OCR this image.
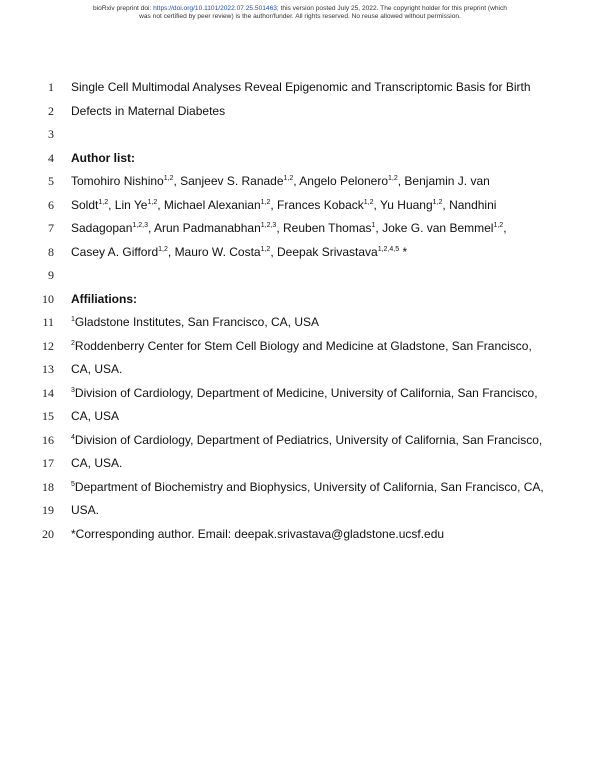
bioRxiv preprint doi: https://doi.org/10.1101/2022.07.25.501463; this version posted July 25, 2022. The copyright holder for this preprint (which
was not certified by peer review) is the author/funder. All rights reserved. No reuse allowed without permission.
1 Single Cell Multimodal Analyses Reveal Epigenomic and Transcriptomic Basis for Birth
2 Defects in Maternal Diabetes
3
4 Author list:
5 Tomohiro Nishino$^{1,2}$, Sanjeev S. Ranade$^{1,2}$, Angelo Pelonero$^{1,2}$, Benjamin J. van
6 Soldt$^{1,2}$, Lin Ye$^{1,2}$, Michael Alexanian$^{1,2}$, Frances Koback$^{1,2}$, Yu Huang$^{1,2}$, Nandhini
7 Sadagopan$^{1,2,3}$, Arun Padmanabhan$^{1,2,3}$, Reuben Thomas$^1$, Joke G. van Bemmel$^{1,2}$,
8 Casey A. Gifford$^{1,2}$, Mauro W. Costa$^{1,2}$, Deepak Srivastava$^{1,2,4,5}$ *
9
10 Affiliations:
11 $^1$Gladstone Institutes, San Francisco, CA, USA
12 $^2$Roddenberry Center for Stem Cell Biology and Medicine at Gladstone, San Francisco,
13 CA, USA.
14 $^3$Division of Cardiology, Department of Medicine, University of California, San Francisco,
15 CA, USA
16 $^4$Division of Cardiology, Department of Pediatrics, University of California, San Francisco,
17 CA, USA.
18 $^5$Department of Biochemistry and Biophysics, University of California, San Francisco, CA,
19 USA.
20 *Corresponding author. Email: deepak.srivastava@gladstone.ucsf.edu
